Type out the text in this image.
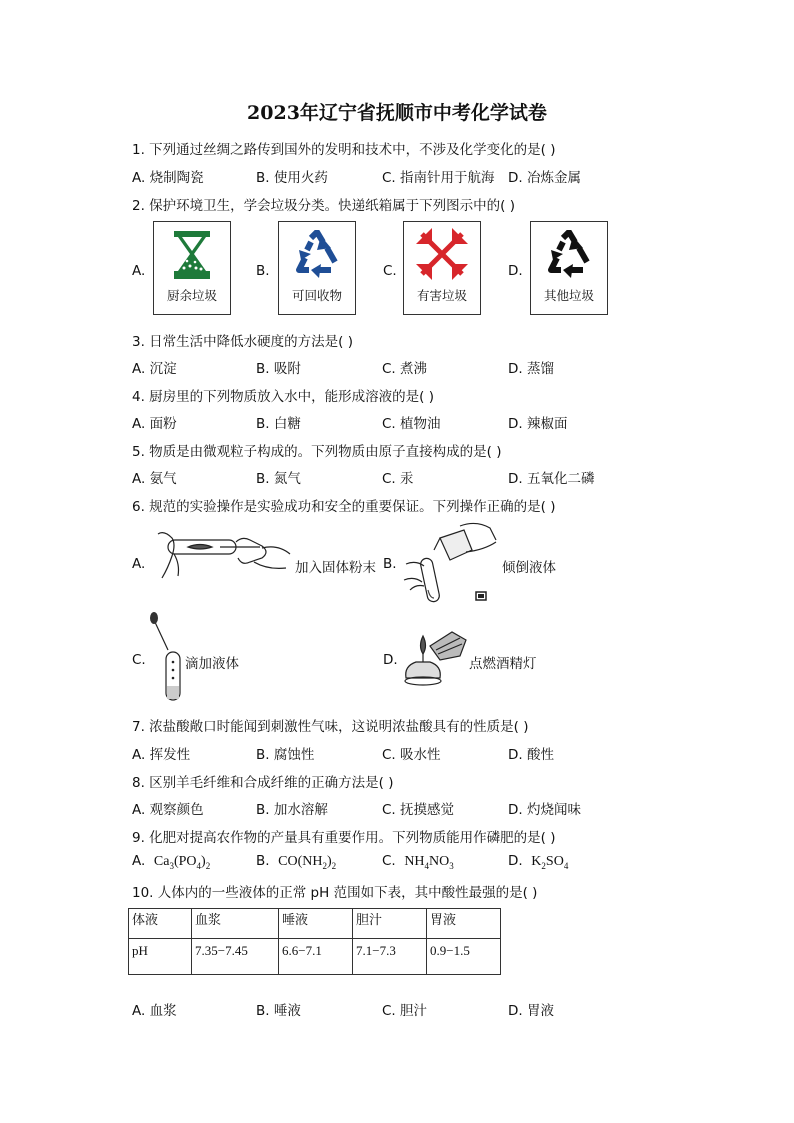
2023年辽宁省抚顺市中考化学试卷
1. 下列通过丝绸之路传到国外的发明和技术中，不涉及化学变化的是( )
A. 烧制陶瓷	B. 使用火药	C. 指南针用于航海 D. 冶炼金属
2. 保护环境卫生，学会垃圾分类。快递纸箱属于下列图示中的( )
A.
厨余垃圾
B.
可回收物
C.
有害垃圾
D.
其他垃圾
3. 日常生活中降低水硬度的方法是( )
A. 沉淀	B. 吸附	C. 煮沸	D. 蒸馏
4. 厨房里的下列物质放入水中，能形成溶液的是( )
A. 面粉	B. 白糖	C. 植物油	D. 辣椒面
5. 物质是由微观粒子构成的。下列物质由原子直接构成的是( )
A. 氨气	B. 氮气	C. 汞	D. 五氧化二磷
6. 规范的实验操作是实验成功和安全的重要保证。下列操作正确的是( )
A.	加入固体粉末 B.	倾倒液体
C.	滴加液体	D.	点燃酒精灯
7. 浓盐酸敞口时能闻到刺激性气味，这说明浓盐酸具有的性质是( )
A. 挥发性	B. 腐蚀性	C. 吸水性	D. 酸性
8. 区别羊毛纤维和合成纤维的正确方法是( )
A. 观察颜色	B. 加水溶解	C. 抚摸感觉	D. 灼烧闻味
9. 化肥对提高农作物的产量具有重要作用。下列物质能用作磷肥的是( )
A. $Ca_3(PO_4)_2$	B. $CO(NH_2)_2$	C. $NH_4NO_3$	D. $K_2SO_4$
10. 人体内的一些液体的正常 pH 范围如下表，其中酸性最强的是( )
体液	血浆	唾液	胆汁	胃液
pH	7.35−7.45	6.6−7.1	7.1−7.3	0.9−1.5
A. 血浆	B. 唾液	C. 胆汁	D. 胃液
